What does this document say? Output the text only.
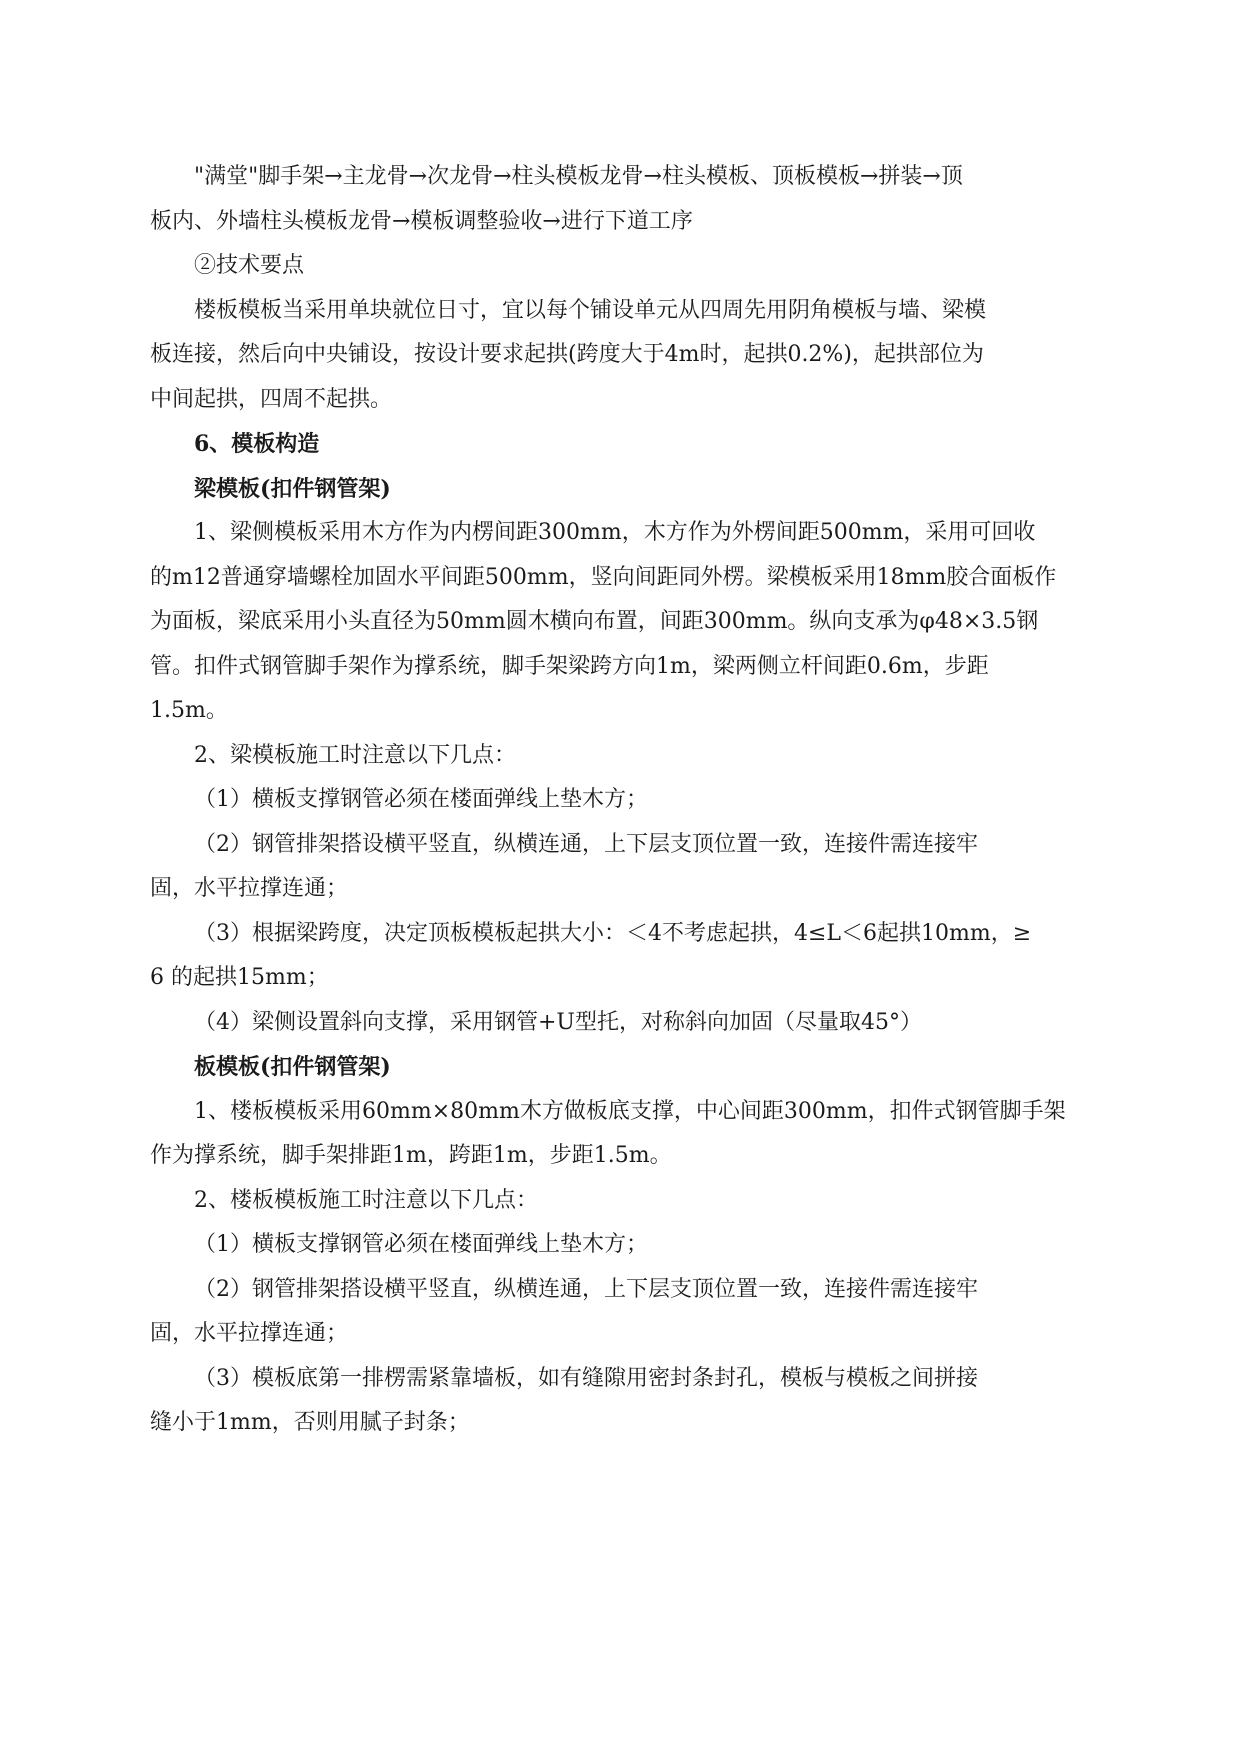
"满堂"脚手架→主龙骨→次龙骨→柱头模板龙骨→柱头模板、顶板模板→拼装→顶
板内、外墙柱头模板龙骨→模板调整验收→进行下道工序
②技术要点
楼板模板当采用单块就位日寸，宜以每个铺设单元从四周先用阴角模板与墙、梁模
板连接，然后向中央铺设，按设计要求起拱(跨度大于4m时，起拱0.2%)，起拱部位为
中间起拱，四周不起拱。
6、模板构造
梁模板(扣件钢管架)
1、梁侧模板采用木方作为内楞间距300mm，木方作为外楞间距500mm，采用可回收
的m12普通穿墙螺栓加固水平间距500mm，竖向间距同外楞。梁模板采用18mm胶合面板作
为面板，梁底采用小头直径为50mm圆木横向布置，间距300mm。纵向支承为φ48×3.5钢
管。扣件式钢管脚手架作为撑系统，脚手架梁跨方向1m，梁两侧立杆间距0.6m，步距
1.5m。
2、梁模板施工时注意以下几点：
（1）横板支撑钢管必须在楼面弹线上垫木方；
（2）钢管排架搭设横平竖直，纵横连通，上下层支顶位置一致，连接件需连接牢
固，水平拉撑连通；
（3）根据梁跨度，决定顶板模板起拱大小：＜4不考虑起拱，4≤L＜6起拱10mm，≥
6 的起拱15mm；
（4）梁侧设置斜向支撑，采用钢管+U型托，对称斜向加固（尽量取45°）
板模板(扣件钢管架)
1、楼板模板采用60mm×80mm木方做板底支撑，中心间距300mm，扣件式钢管脚手架
作为撑系统，脚手架排距1m，跨距1m，步距1.5m。
2、楼板模板施工时注意以下几点：
（1）横板支撑钢管必须在楼面弹线上垫木方；
（2）钢管排架搭设横平竖直，纵横连通，上下层支顶位置一致，连接件需连接牢
固，水平拉撑连通；
（3）模板底第一排楞需紧靠墙板，如有缝隙用密封条封孔，模板与模板之间拼接
缝小于1mm，否则用腻子封条；
